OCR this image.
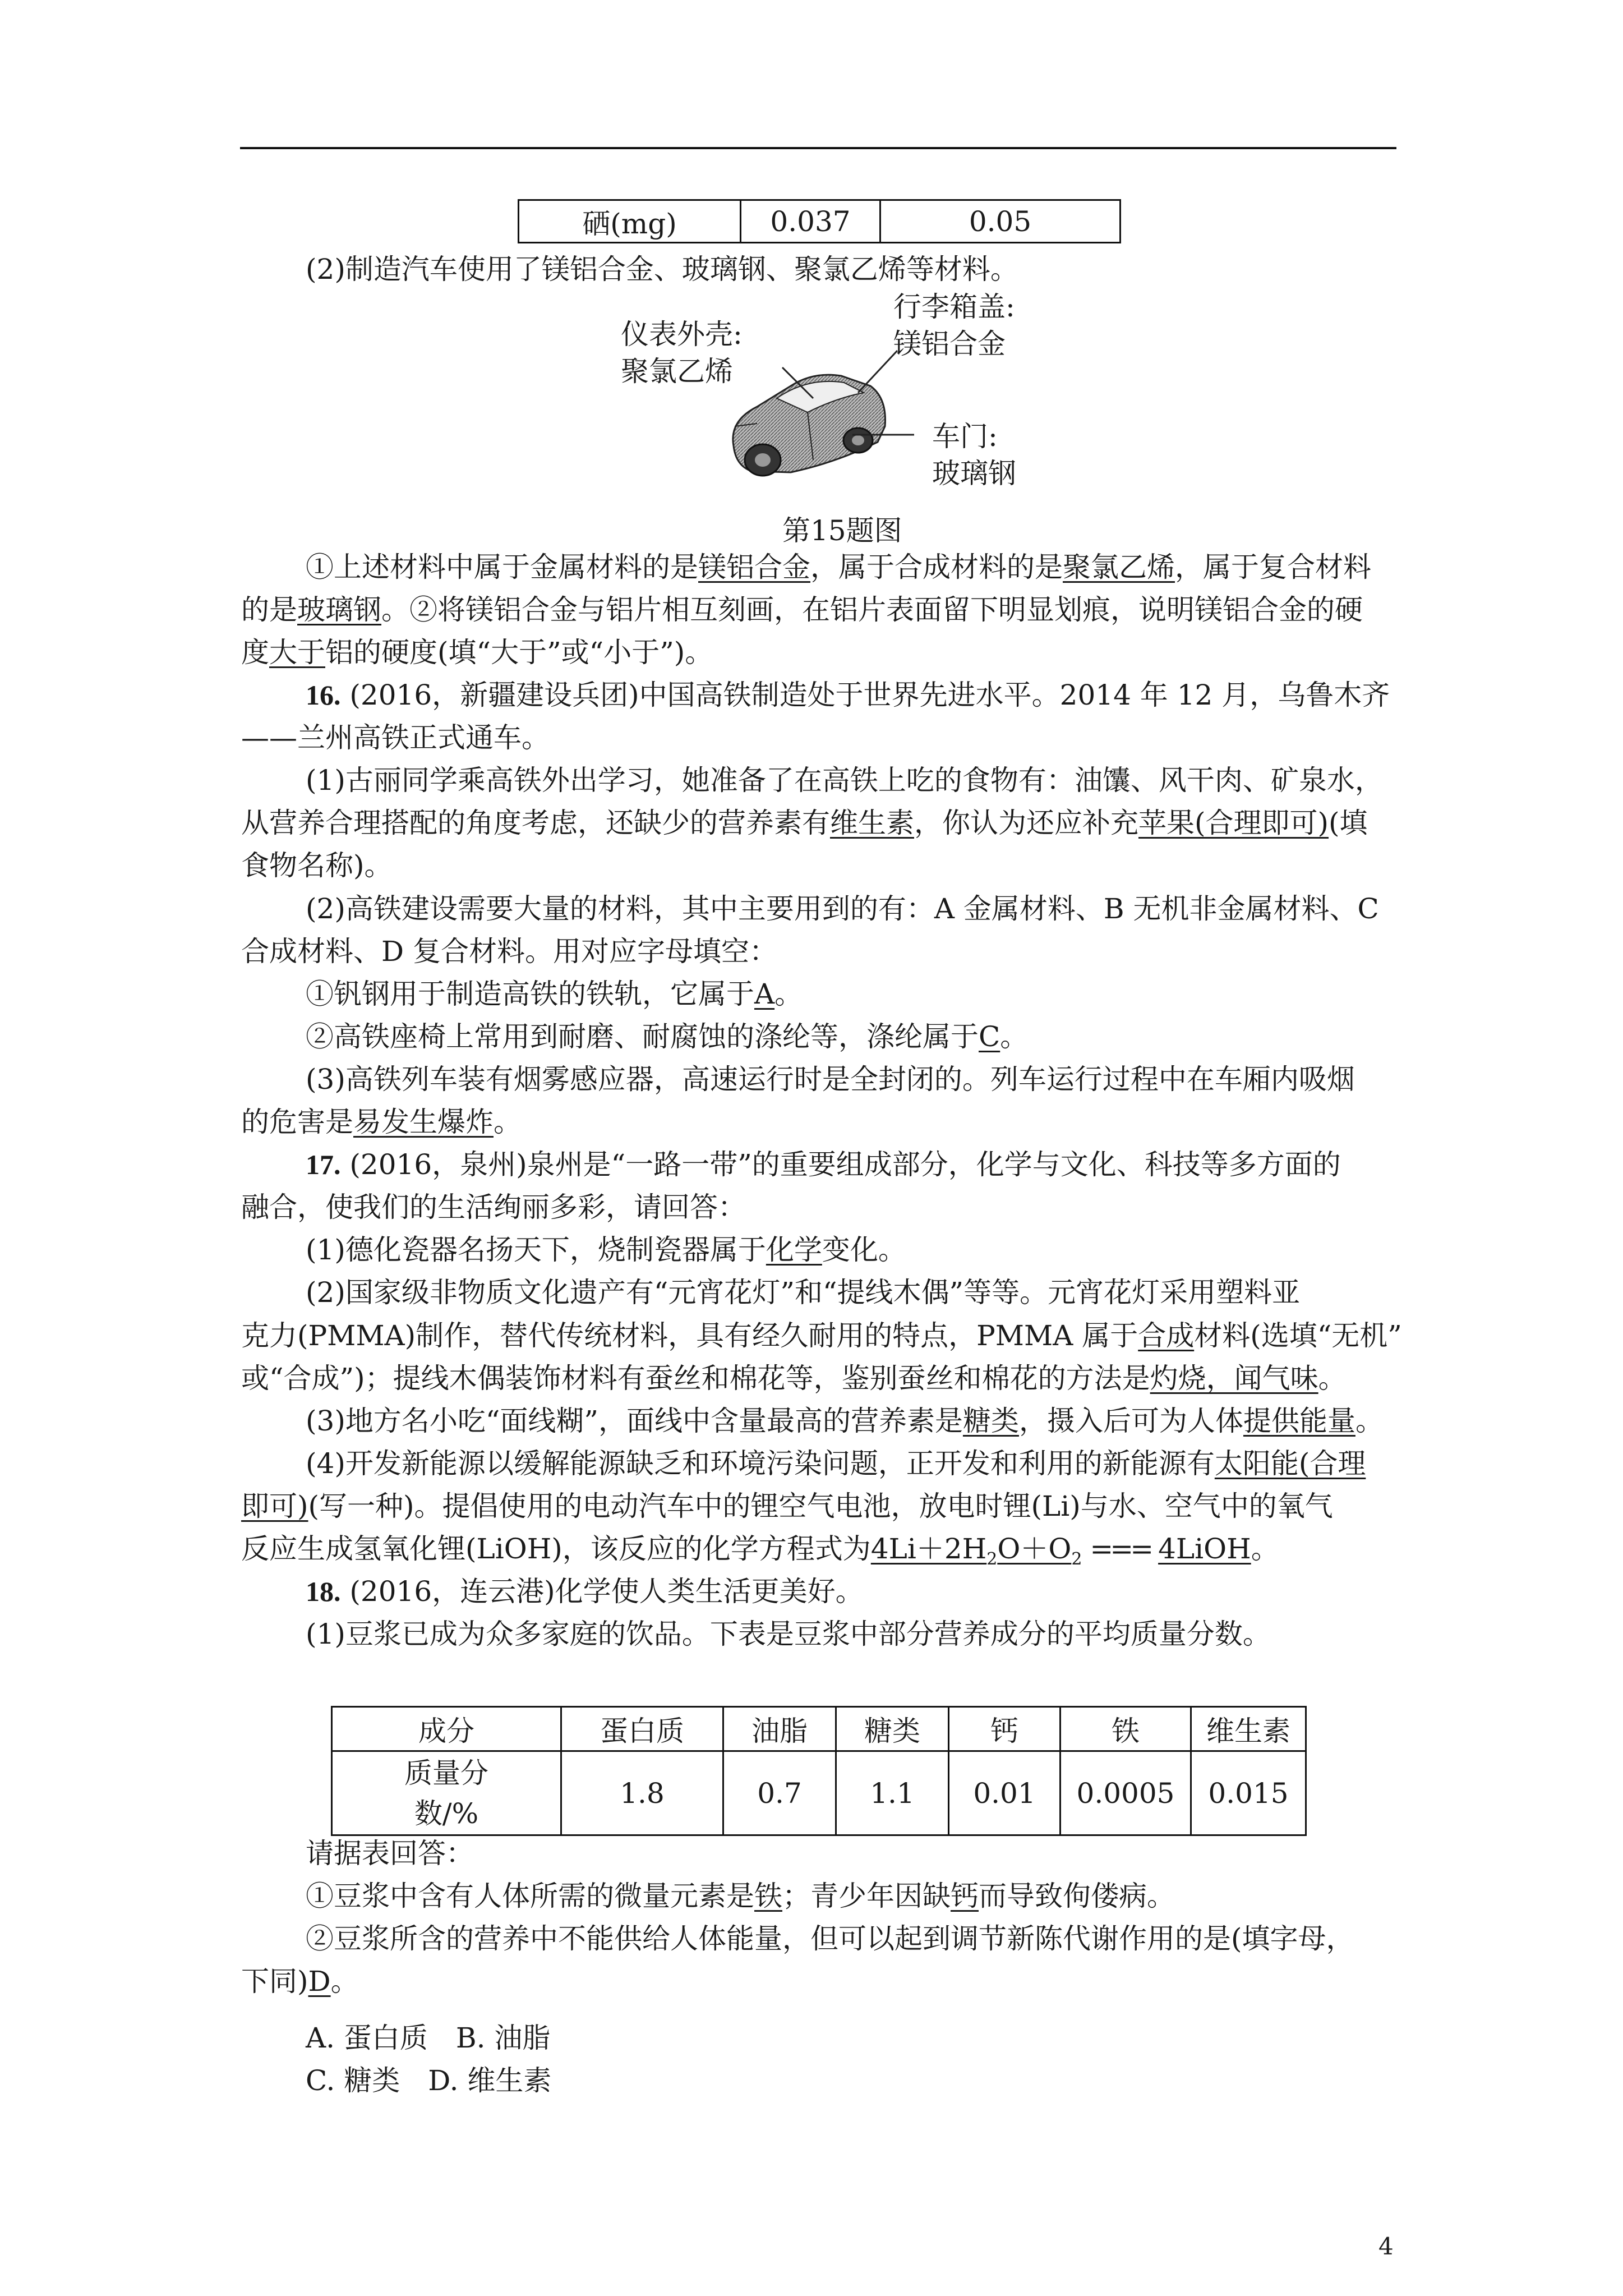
硒(mg)	0.037	0.05
(2)制造汽车使用了镁铝合金、玻璃钢、聚氯乙烯等材料。
仪表外壳:
聚氯乙烯
行李箱盖:
镁铝合金
车门:
玻璃钢
第15题图
①上述材料中属于金属材料的是镁铝合金，属于合成材料的是聚氯乙烯，属于复合材料
的是玻璃钢。②将镁铝合金与铝片相互刻画，在铝片表面留下明显划痕，说明镁铝合金的硬
度大于铝的硬度(填“大于”或“小于”)。
16. (2016，新疆建设兵团)中国高铁制造处于世界先进水平。2014 年 12 月，乌鲁木齐
——兰州高铁正式通车。
(1)古丽同学乘高铁外出学习，她准备了在高铁上吃的食物有：油馕、风干肉、矿泉水，
从营养合理搭配的角度考虑，还缺少的营养素有维生素，你认为还应补充苹果(合理即可)(填
食物名称)。
(2)高铁建设需要大量的材料，其中主要用到的有：A 金属材料、B 无机非金属材料、C
合成材料、D 复合材料。用对应字母填空：
①钒钢用于制造高铁的铁轨，它属于A。
②高铁座椅上常用到耐磨、耐腐蚀的涤纶等，涤纶属于C。
(3)高铁列车装有烟雾感应器，高速运行时是全封闭的。列车运行过程中在车厢内吸烟
的危害是易发生爆炸。
17. (2016，泉州)泉州是“一路一带”的重要组成部分，化学与文化、科技等多方面的
融合，使我们的生活绚丽多彩，请回答：
(1)德化瓷器名扬天下，烧制瓷器属于化学变化。
(2)国家级非物质文化遗产有“元宵花灯”和“提线木偶”等等。元宵花灯采用塑料亚
克力(PMMA)制作，替代传统材料，具有经久耐用的特点，PMMA 属于合成材料(选填“无机”
或“合成”)；提线木偶装饰材料有蚕丝和棉花等，鉴别蚕丝和棉花的方法是灼烧，闻气味。
(3)地方名小吃“面线糊”，面线中含量最高的营养素是糖类，摄入后可为人体提供能量。
(4)开发新能源以缓解能源缺乏和环境污染问题，正开发和利用的新能源有太阳能(合理
即可)(写一种)。提倡使用的电动汽车中的锂空气电池，放电时锂(Li)与水、空气中的氧气
反应生成氢氧化锂(LiOH)，该反应的化学方程式为$4Li+2H_2O+O_2$ === 4LiOH。
18. (2016，连云港)化学使人类生活更美好。
(1)豆浆已成为众多家庭的饮品。下表是豆浆中部分营养成分的平均质量分数。
成分	蛋白质	油脂	糖类	钙	铁	维生素

质量分
数/%	1.8	0.7	1.1	0.01	0.0005	0.015
请据表回答：
①豆浆中含有人体所需的微量元素是铁；青少年因缺钙而导致佝偻病。
②豆浆所含的营养中不能供给人体能量，但可以起到调节新陈代谢作用的是(填字母，
下同)D。
A. 蛋白质　B. 油脂
C. 糖类　D. 维生素
4
